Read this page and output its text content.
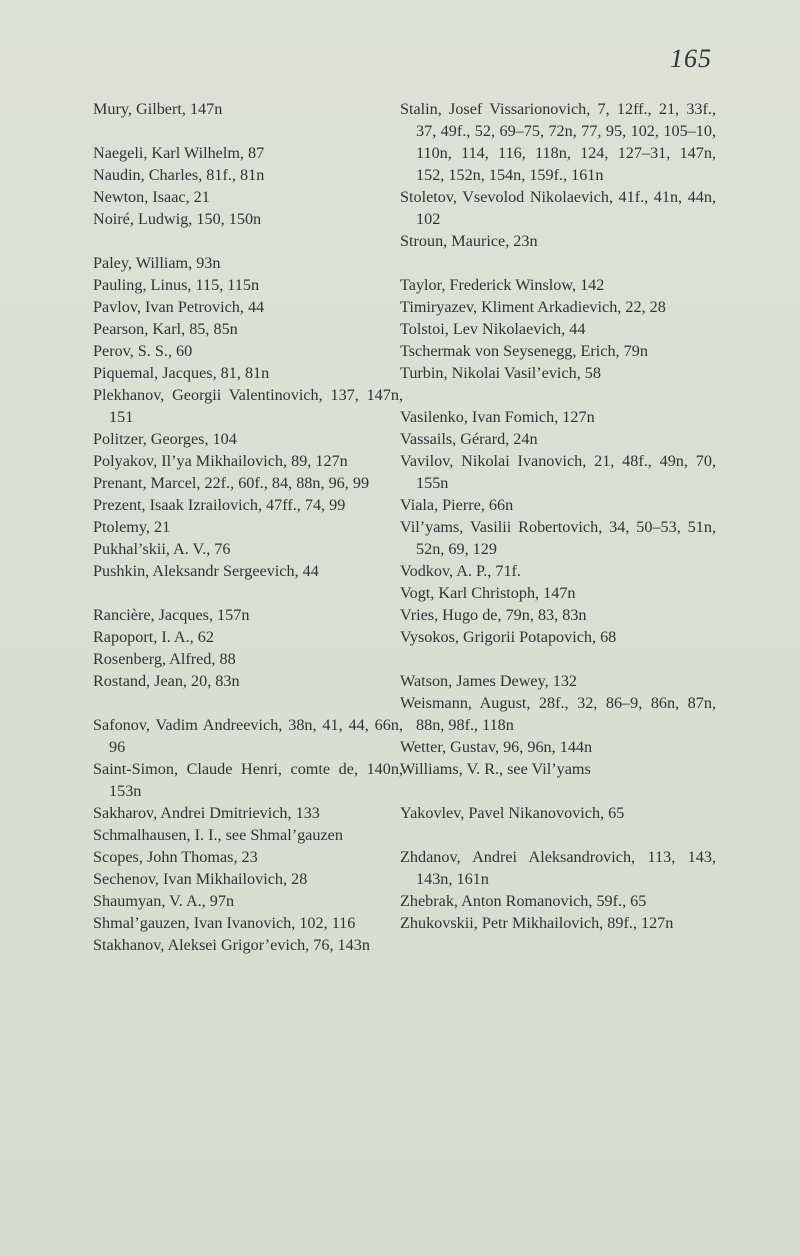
165
Mury, Gilbert, 147n
Naegeli, Karl Wilhelm, 87
Naudin, Charles, 81f., 81n
Newton, Isaac, 21
Noiré, Ludwig, 150, 150n
Paley, William, 93n
Pauling, Linus, 115, 115n
Pavlov, Ivan Petrovich, 44
Pearson, Karl, 85, 85n
Perov, S. S., 60
Piquemal, Jacques, 81, 81n
Plekhanov, Georgii Valentinovich, 137, 147n, 151
Politzer, Georges, 104
Polyakov, Il’ya Mikhailovich, 89, 127n
Prenant, Marcel, 22f., 60f., 84, 88n, 96, 99
Prezent, Isaak Izrailovich, 47ff., 74, 99
Ptolemy, 21
Pukhal’skii, A. V., 76
Pushkin, Aleksandr Sergeevich, 44
Rancière, Jacques, 157n
Rapoport, I. A., 62
Rosenberg, Alfred, 88
Rostand, Jean, 20, 83n
Safonov, Vadim Andreevich, 38n, 41, 44, 66n, 96
Saint-Simon, Claude Henri, comte de, 140n, 153n
Sakharov, Andrei Dmitrievich, 133
Schmalhausen, I. I., see Shmal’gauzen
Scopes, John Thomas, 23
Sechenov, Ivan Mikhailovich, 28
Shaumyan, V. A., 97n
Shmal’gauzen, Ivan Ivanovich, 102, 116
Stakhanov, Aleksei Grigor’evich, 76, 143n
Stalin, Josef Vissarionovich, 7, 12ff., 21, 33f., 37, 49f., 52, 69–75, 72n, 77, 95, 102, 105–10, 110n, 114, 116, 118n, 124, 127–31, 147n, 152, 152n, 154n, 159f., 161n
Stoletov, Vsevolod Nikolaevich, 41f., 41n, 44n, 102
Stroun, Maurice, 23n
Taylor, Frederick Winslow, 142
Timiryazev, Kliment Arkadievich, 22, 28
Tolstoi, Lev Nikolaevich, 44
Tschermak von Seysenegg, Erich, 79n
Turbin, Nikolai Vasil’evich, 58
Vasilenko, Ivan Fomich, 127n
Vassails, Gérard, 24n
Vavilov, Nikolai Ivanovich, 21, 48f., 49n, 70, 155n
Viala, Pierre, 66n
Vil’yams, Vasilii Robertovich, 34, 50–53, 51n, 52n, 69, 129
Vodkov, A. P., 71f.
Vogt, Karl Christoph, 147n
Vries, Hugo de, 79n, 83, 83n
Vysokos, Grigorii Potapovich, 68
Watson, James Dewey, 132
Weismann, August, 28f., 32, 86–9, 86n, 87n, 88n, 98f., 118n
Wetter, Gustav, 96, 96n, 144n
Williams, V. R., see Vil’yams
Yakovlev, Pavel Nikanovovich, 65
Zhdanov, Andrei Aleksandrovich, 113, 143, 143n, 161n
Zhebrak, Anton Romanovich, 59f., 65
Zhukovskii, Petr Mikhailovich, 89f., 127n
